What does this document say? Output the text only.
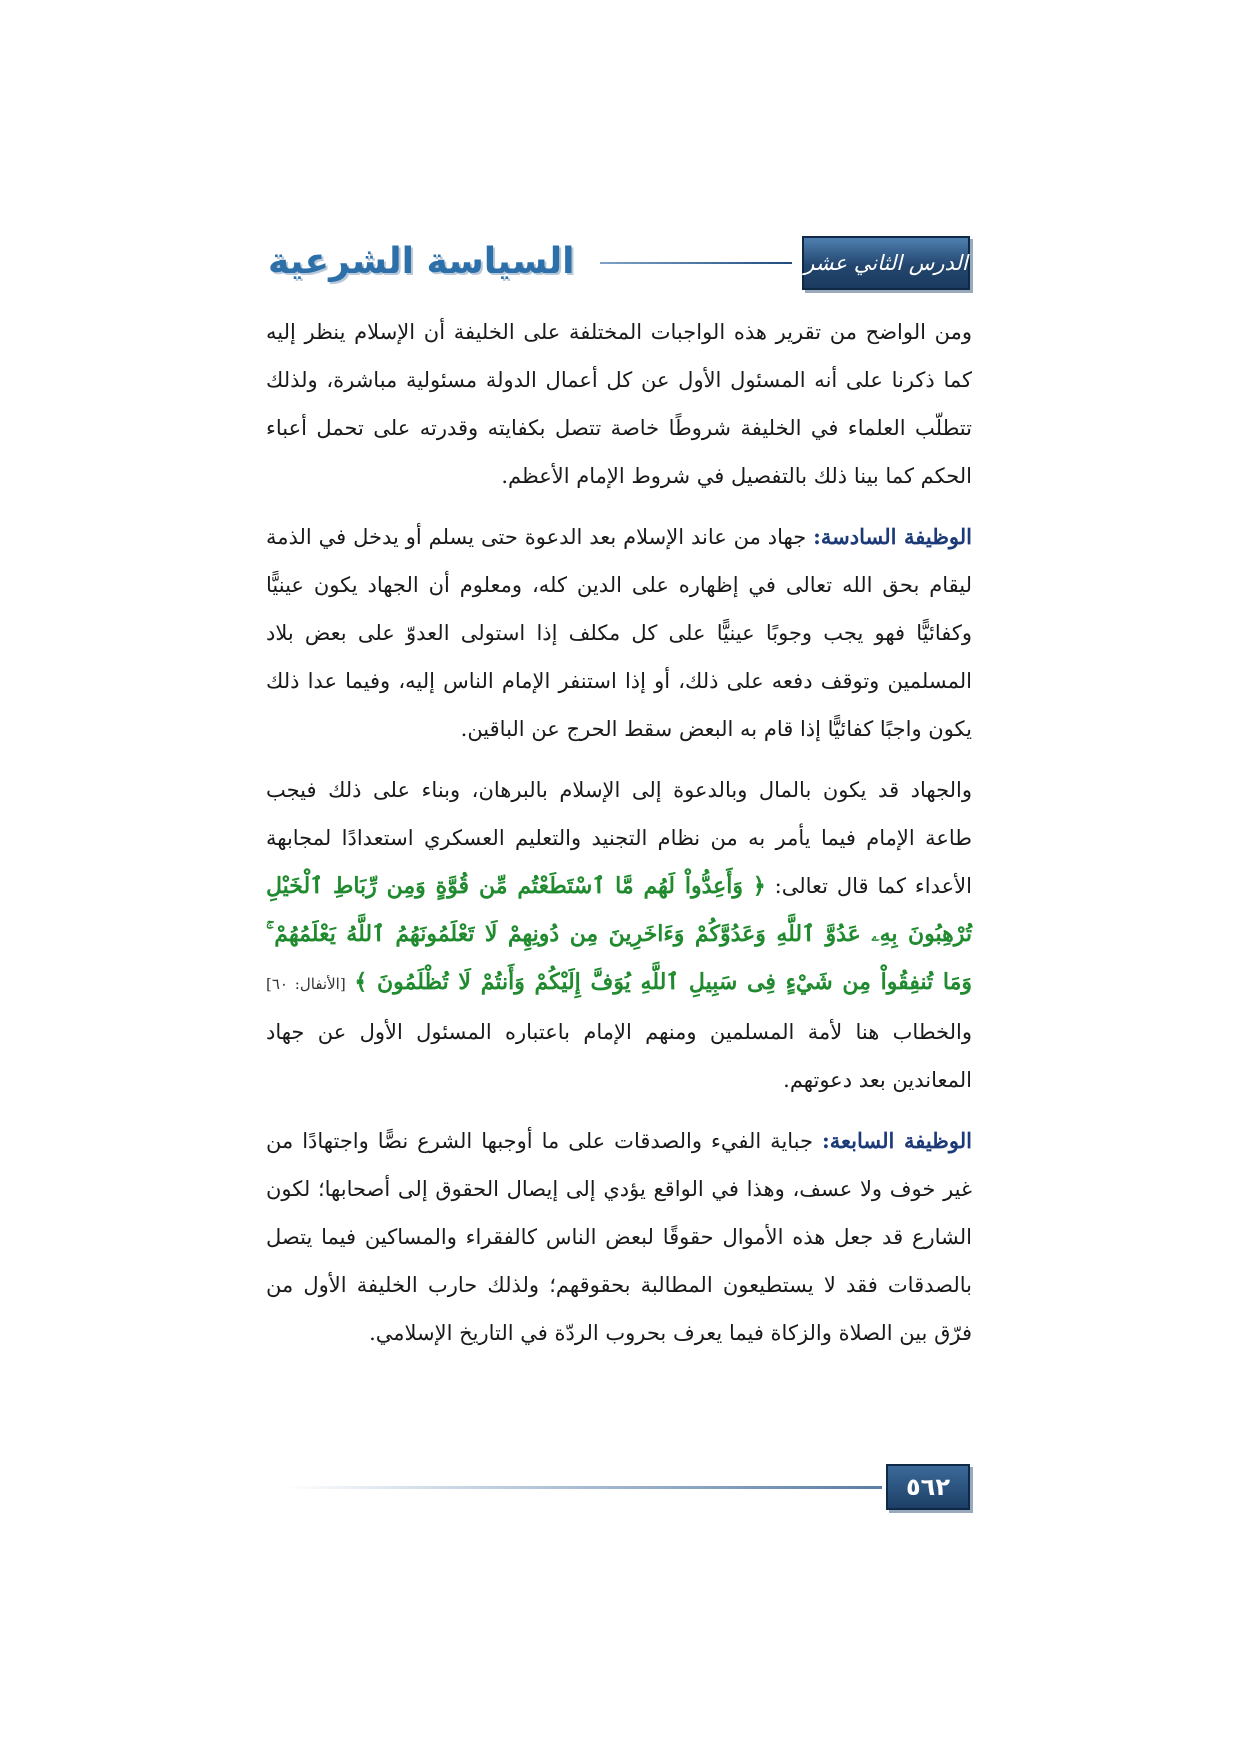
الدرس الثاني عشر
السياسة الشرعية

ومن الواضح من تقرير هذه الواجبات المختلفة على الخليفة أن الإسلام ينظر إليه كما ذكرنا على أنه المسئول الأول عن كل أعمال الدولة مسئولية مباشرة، ولذلك تتطلّب العلماء في الخليفة شروطًا خاصة تتصل بكفايته وقدرته على تحمل أعباء الحكم كما بينا ذلك بالتفصيل في شروط الإمام الأعظم.

الوظيفة السادسة: جهاد من عاند الإسلام بعد الدعوة حتى يسلم أو يدخل في الذمة ليقام بحق الله تعالى في إظهاره على الدين كله، ومعلوم أن الجهاد يكون عينيًّا وكفائيًّا فهو يجب وجوبًا عينيًّا على كل مكلف إذا استولى العدوّ على بعض بلاد المسلمين وتوقف دفعه على ذلك، أو إذا استنفر الإمام الناس إليه، وفيما عدا ذلك يكون واجبًا كفائيًّا إذا قام به البعض سقط الحرج عن الباقين.

والجهاد قد يكون بالمال وبالدعوة إلى الإسلام بالبرهان، وبناء على ذلك فيجب طاعة الإمام فيما يأمر به من نظام التجنيد والتعليم العسكري استعدادًا لمجابهة الأعداء كما قال تعالى: ﴿ وَأَعِدُّواْ لَهُم مَّا ٱسْتَطَعْتُم مِّن قُوَّةٍ وَمِن رِّبَاطِ ٱلْخَيْلِ تُرْهِبُونَ بِهِۦ عَدُوَّ ٱللَّهِ وَعَدُوَّكُمْ وَءَاخَرِينَ مِن دُونِهِمْ لَا تَعْلَمُونَهُمُ ٱللَّهُ يَعْلَمُهُمْ ۚ وَمَا تُنفِقُواْ مِن شَيْءٍ فِى سَبِيلِ ٱللَّهِ يُوَفَّ إِلَيْكُمْ وَأَنتُمْ لَا تُظْلَمُونَ ﴾ [الأنفال: ٦٠] والخطاب هنا لأمة المسلمين ومنهم الإمام باعتباره المسئول الأول عن جهاد المعاندين بعد دعوتهم.

الوظيفة السابعة: جباية الفيء والصدقات على ما أوجبها الشرع نصًّا واجتهادًا من غير خوف ولا عسف، وهذا في الواقع يؤدي إلى إيصال الحقوق إلى أصحابها؛ لكون الشارع قد جعل هذه الأموال حقوقًا لبعض الناس كالفقراء والمساكين فيما يتصل بالصدقات فقد لا يستطيعون المطالبة بحقوقهم؛ ولذلك حارب الخليفة الأول من فرّق بين الصلاة والزكاة فيما يعرف بحروب الردّة في التاريخ الإسلامي.

٥٦٢
